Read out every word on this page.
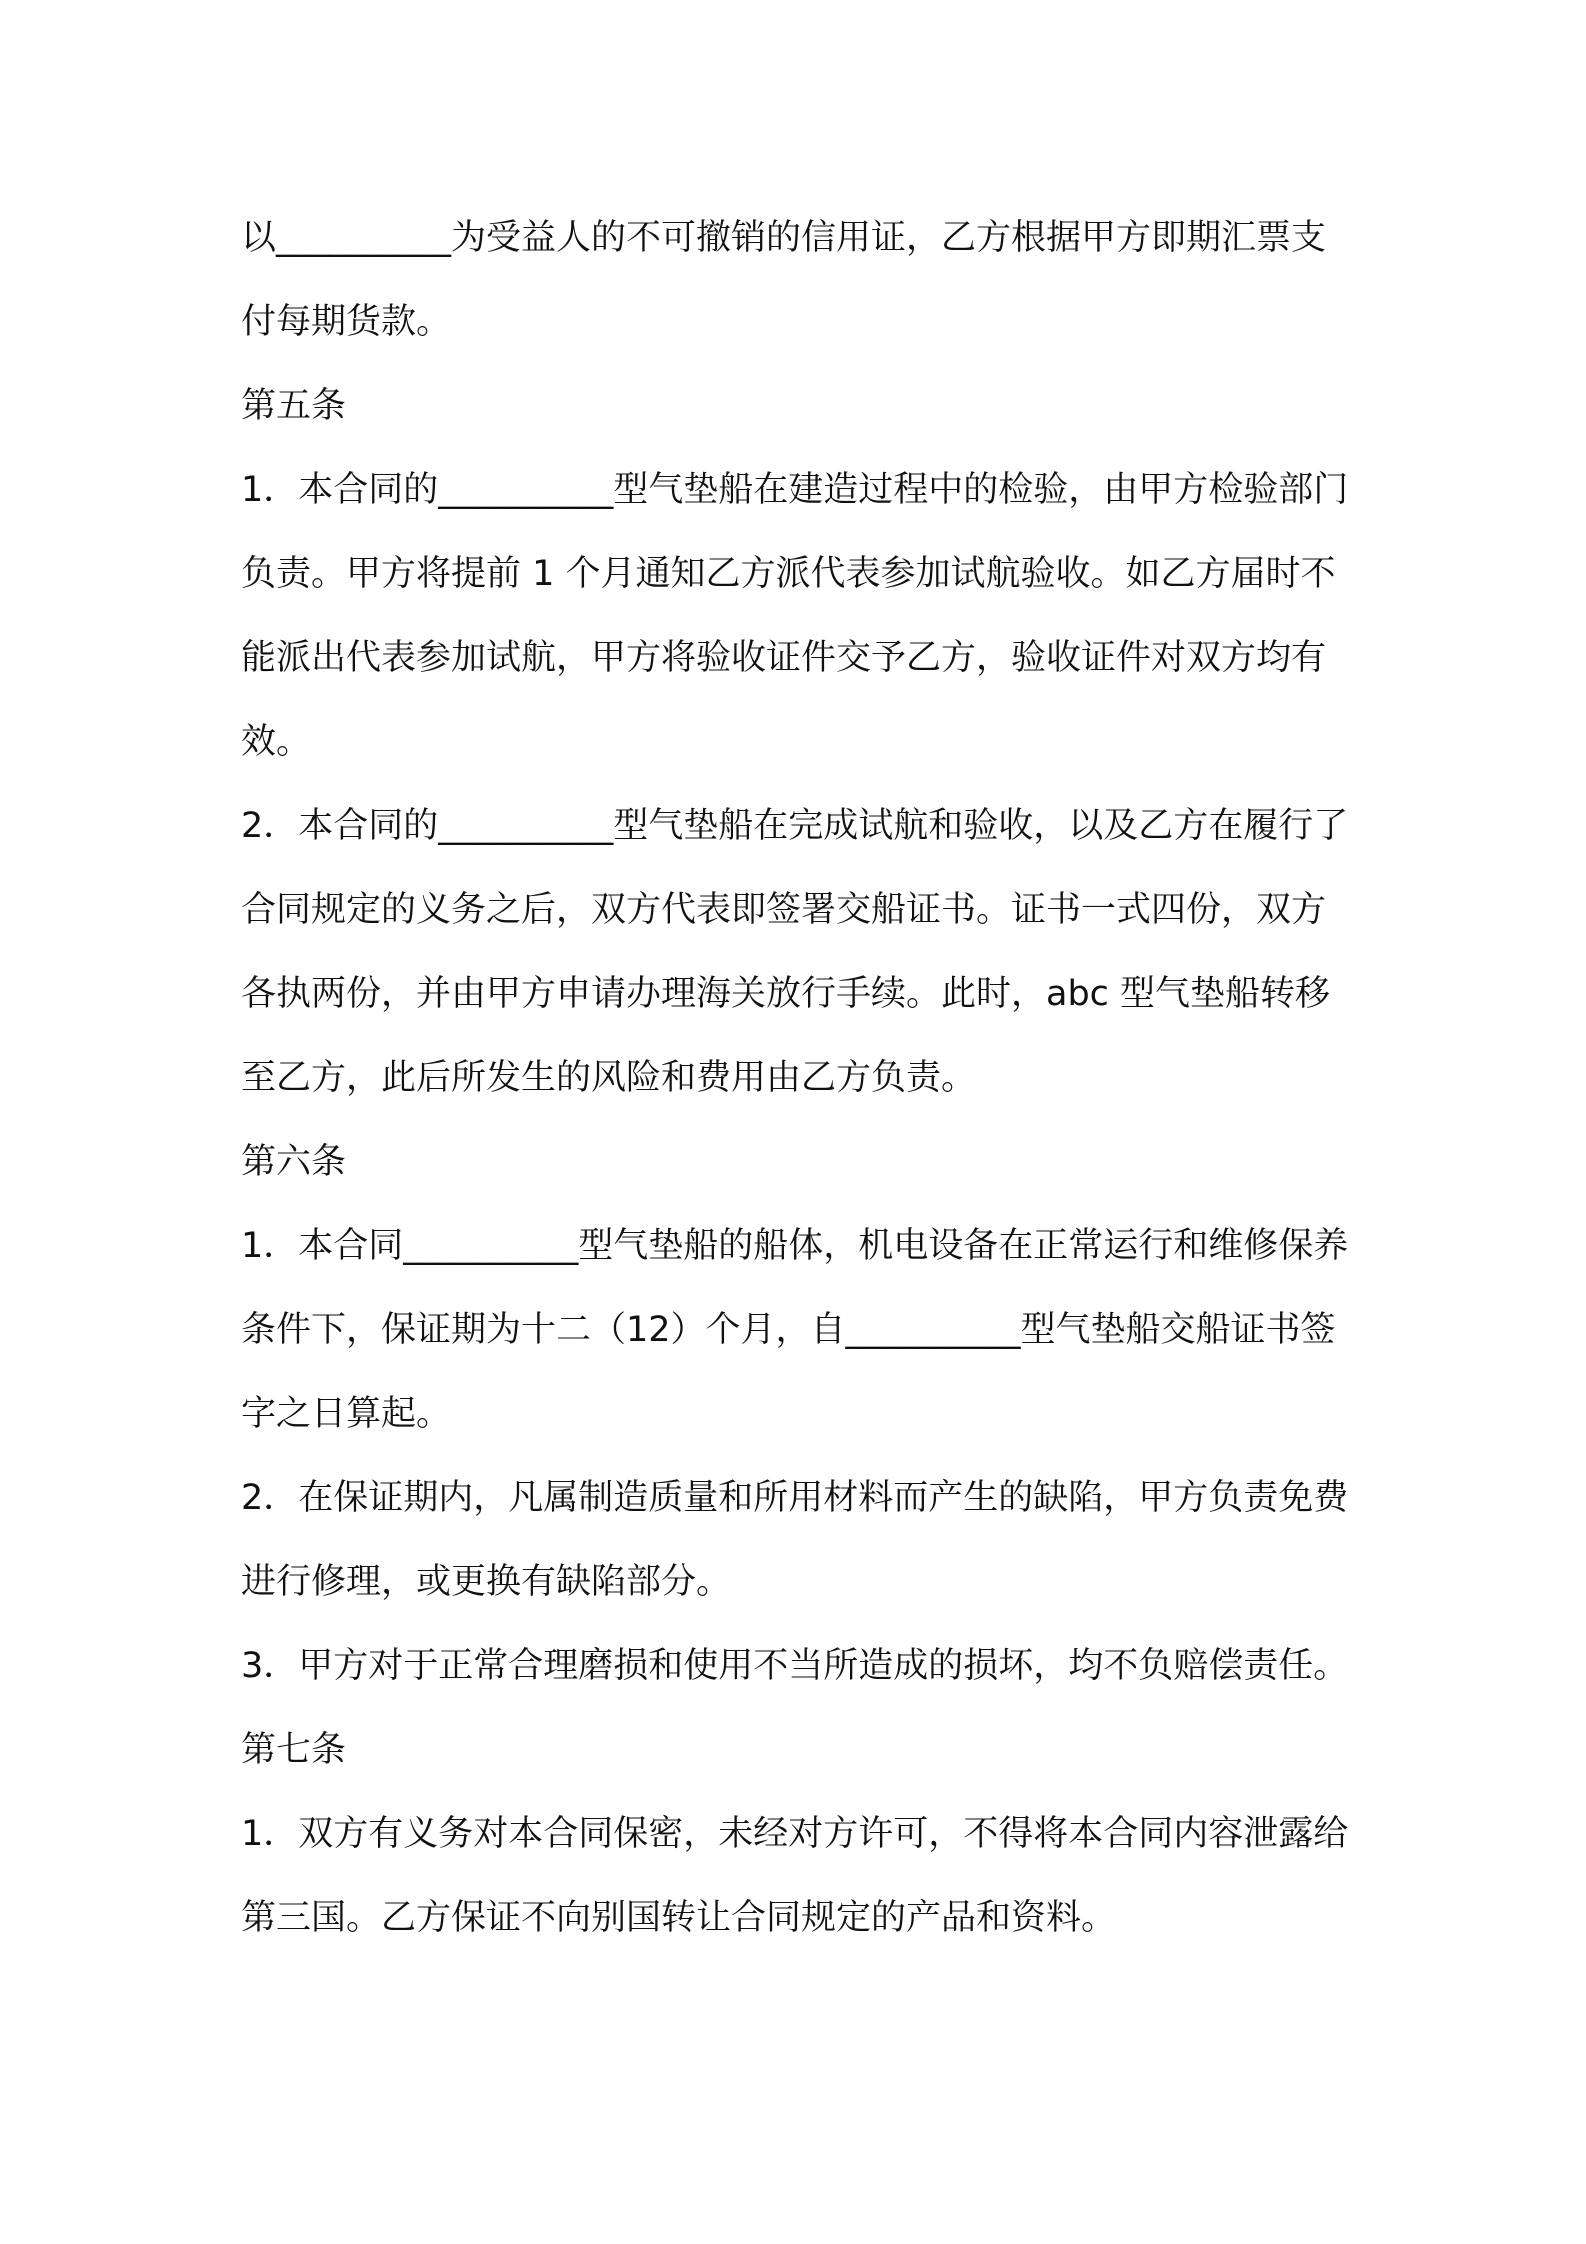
以__________为受益人的不可撤销的信用证，乙方根据甲方即期汇票支付每期货款。

第五条

1．本合同的__________型气垫船在建造过程中的检验，由甲方检验部门负责。甲方将提前 1 个月通知乙方派代表参加试航验收。如乙方届时不能派出代表参加试航，甲方将验收证件交予乙方，验收证件对双方均有效。

2．本合同的__________型气垫船在完成试航和验收，以及乙方在履行了合同规定的义务之后，双方代表即签署交船证书。证书一式四份，双方各执两份，并由甲方申请办理海关放行手续。此时，abc 型气垫船转移至乙方，此后所发生的风险和费用由乙方负责。

第六条

1．本合同__________型气垫船的船体，机电设备在正常运行和维修保养条件下，保证期为十二（12）个月，自__________型气垫船交船证书签字之日算起。

2．在保证期内，凡属制造质量和所用材料而产生的缺陷，甲方负责免费进行修理，或更换有缺陷部分。

3．甲方对于正常合理磨损和使用不当所造成的损坏，均不负赔偿责任。

第七条

1．双方有义务对本合同保密，未经对方许可，不得将本合同内容泄露给第三国。乙方保证不向别国转让合同规定的产品和资料。
